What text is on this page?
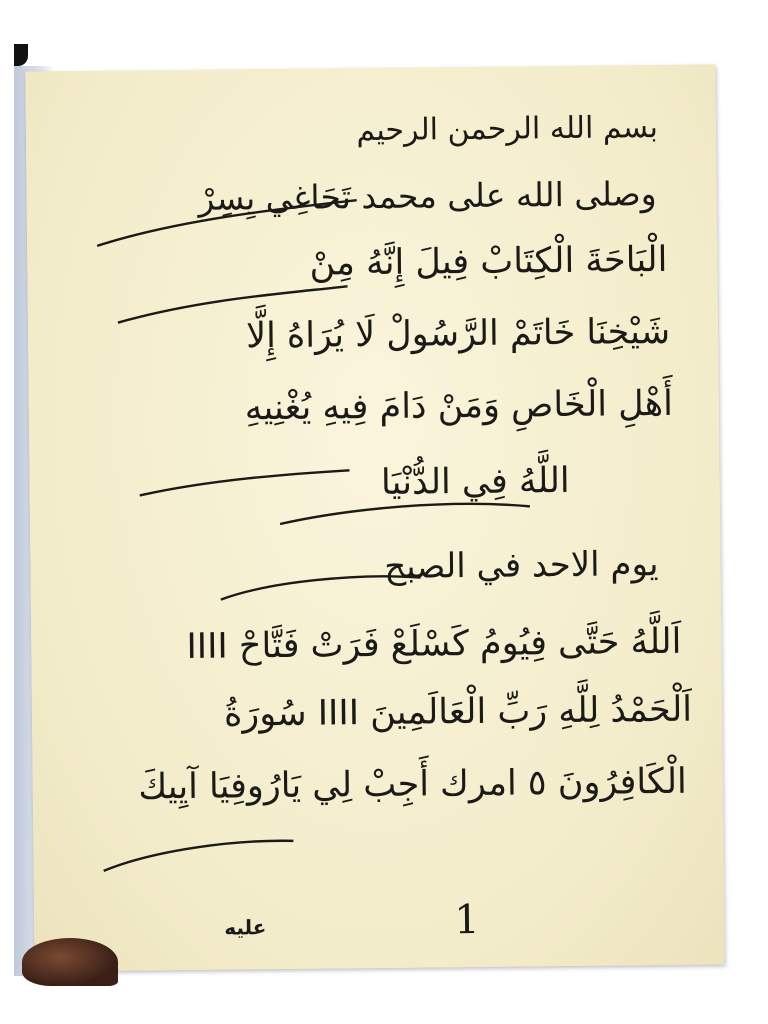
بسم الله الرحمن الرحيم
وصلى الله على محمد تَحَاغِي يِسِرْ
الْبَاحَةَ الْكِتَابْ فِيلَ إِنَّهُ مِنْ
شَيْخِنَا خَاتَمْ الرَّسُولْ لَا يُرَاهُ إِلَّا
أَهْلِ الْخَاصِ وَمَنْ دَامَ فِيهِ يُغْنِيهِ
اللَّهُ فِي الدُّنْيَا
يوم الاحد في الصبح
اَللَّهُ حَتَّى فِيُومُ كَسْلَعْ فَرَتْ فَتَّاحْ IIII
اَلْحَمْدُ لِلَّهِ رَبِّ الْعَالَمِينَ IIII سُورَةُ
الْكَافِرُونَ ٥ امرك أَجِبْ لِي يَارُوفِيَا آيِيكَ
عليه	1
